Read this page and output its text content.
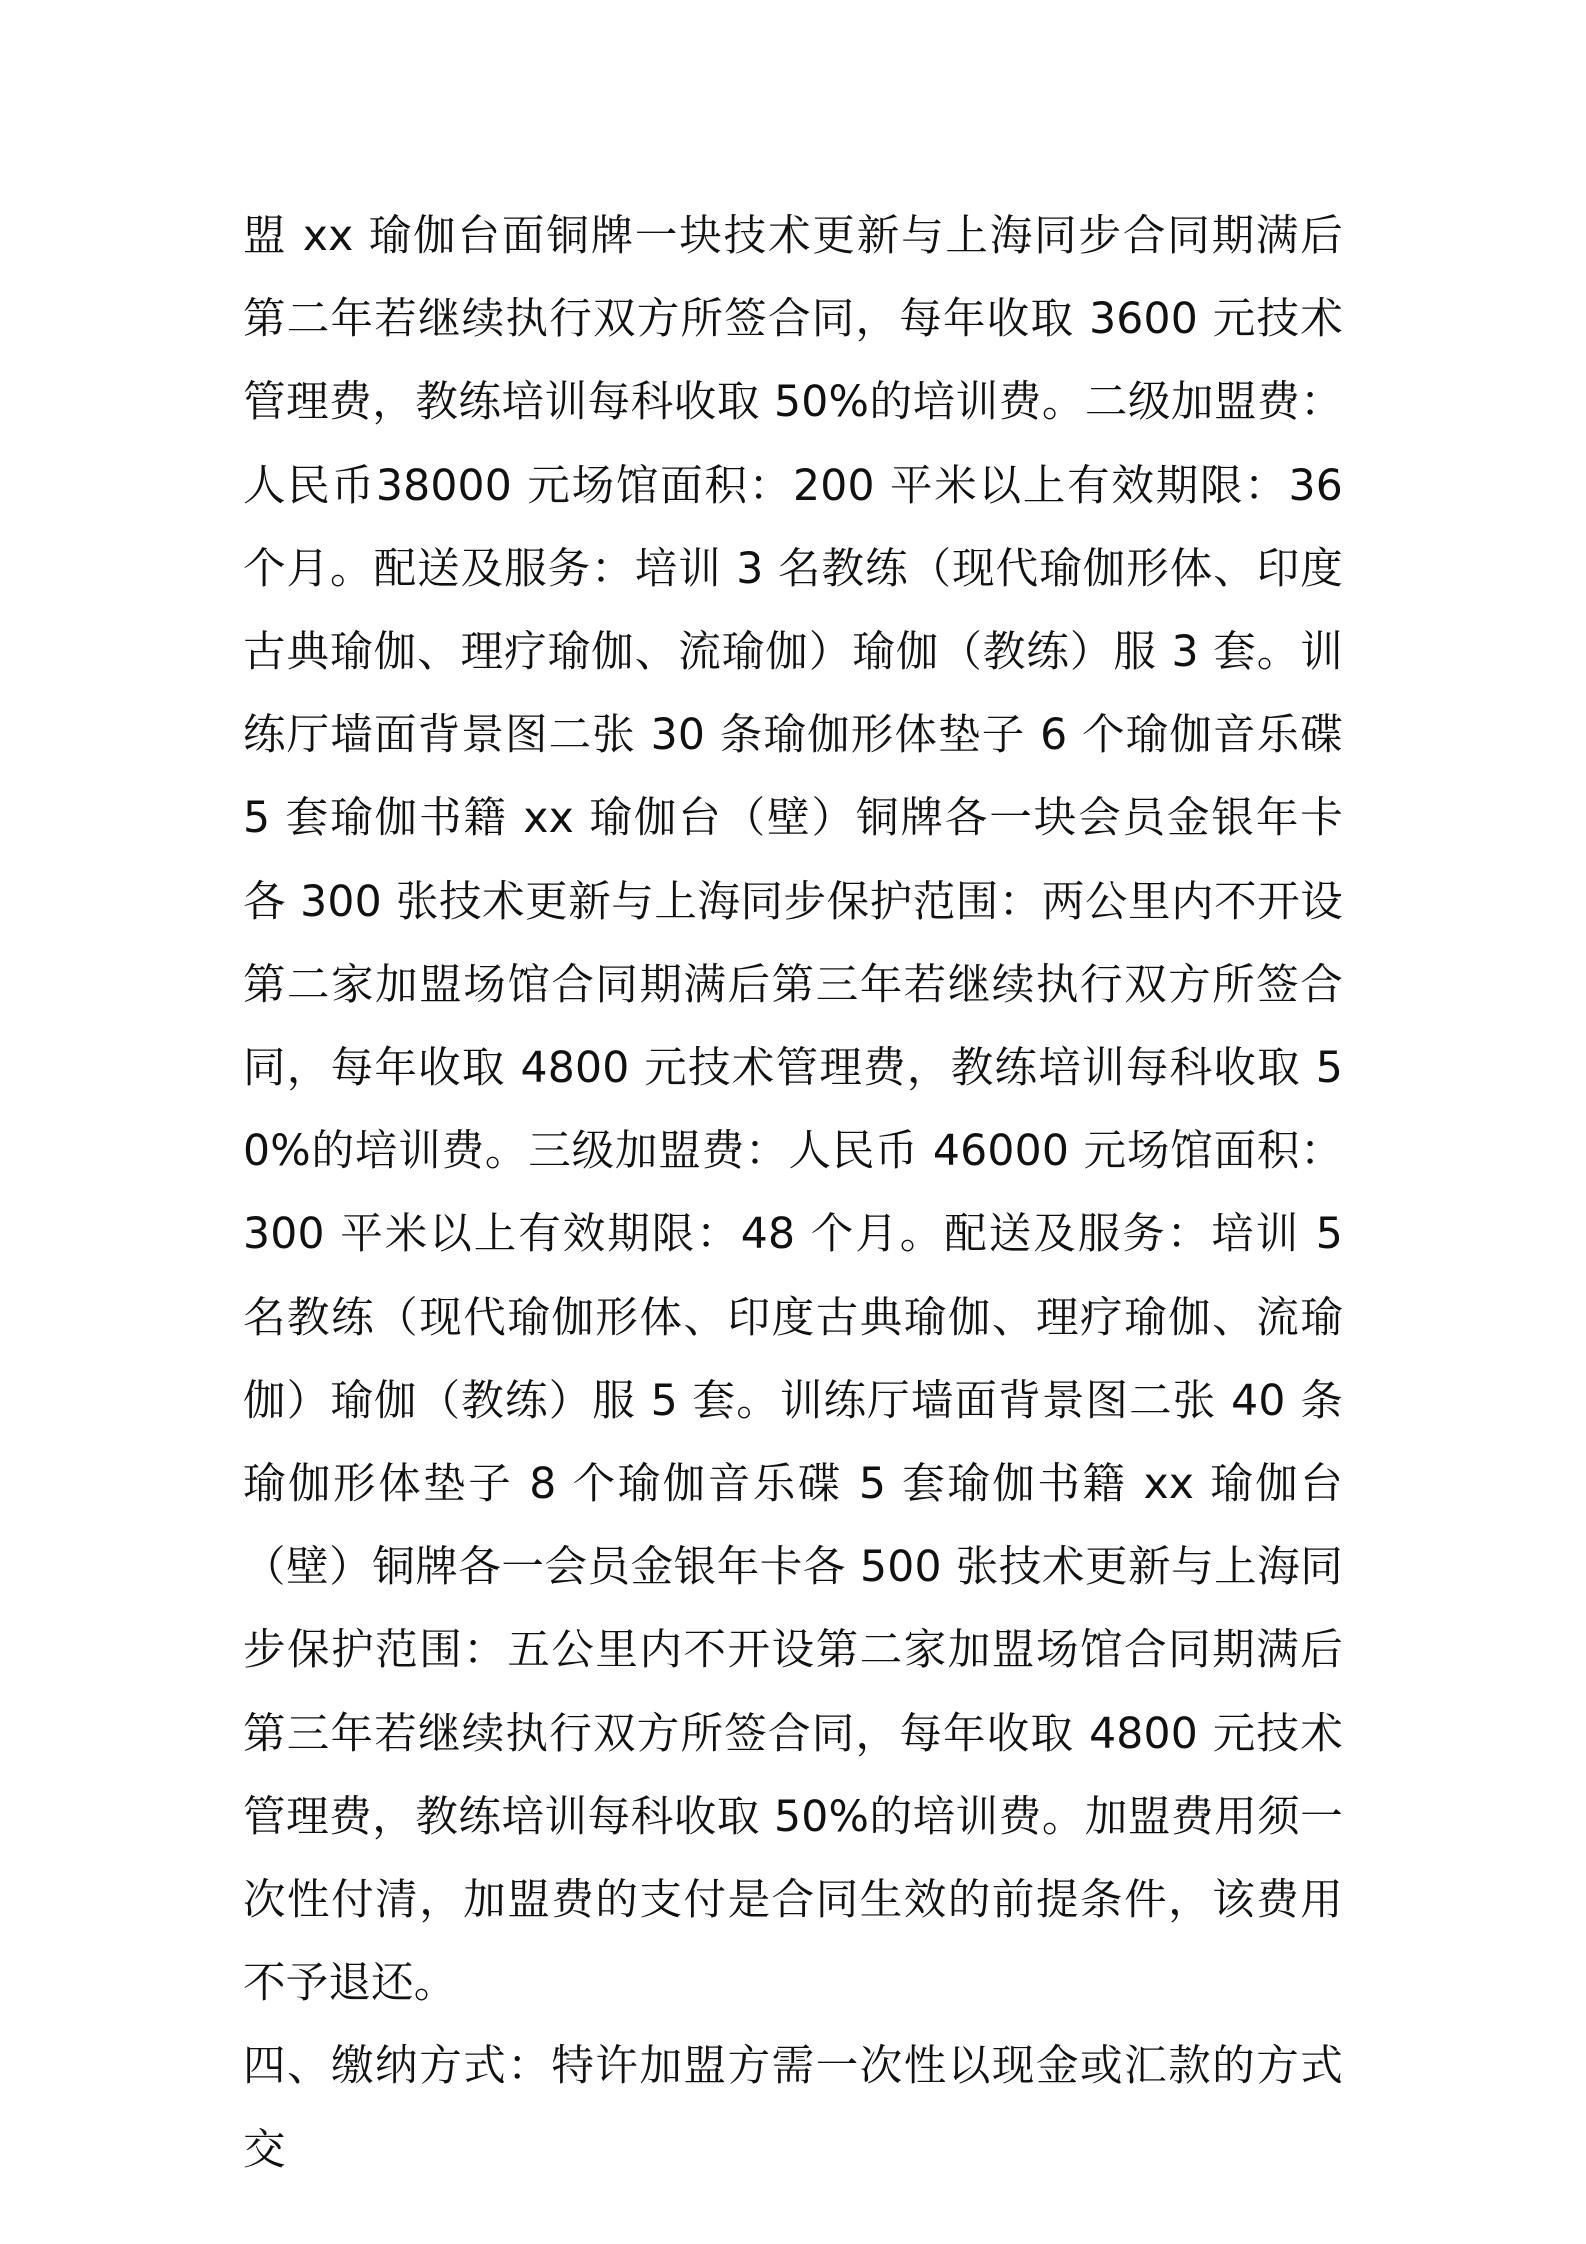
盟 xx 瑜伽台面铜牌一块技术更新与上海同步合同期满后第二年若继续执行双方所签合同，每年收取 3600 元技术管理费，教练培训每科收取 50%的培训费。二级加盟费：人民币38000 元场馆面积：200 平米以上有效期限：36 个月。配送及服务：培训 3 名教练（现代瑜伽形体、印度古典瑜伽、理疗瑜伽、流瑜伽）瑜伽（教练）服 3 套。训练厅墙面背景图二张 30 条瑜伽形体垫子 6 个瑜伽音乐碟 5 套瑜伽书籍 xx 瑜伽台（壁）铜牌各一块会员金银年卡各 300 张技术更新与上海同步保护范围：两公里内不开设第二家加盟场馆合同期满后第三年若继续执行双方所签合同，每年收取 4800 元技术管理费，教练培训每科收取 50%的培训费。三级加盟费：人民币 46000 元场馆面积：300 平米以上有效期限：48 个月。配送及服务：培训 5 名教练（现代瑜伽形体、印度古典瑜伽、理疗瑜伽、流瑜伽）瑜伽（教练）服 5 套。训练厅墙面背景图二张 40 条瑜伽形体垫子 8 个瑜伽音乐碟 5 套瑜伽书籍 xx 瑜伽台（壁）铜牌各一会员金银年卡各 500 张技术更新与上海同步保护范围：五公里内不开设第二家加盟场馆合同期满后第三年若继续执行双方所签合同，每年收取 4800 元技术管理费，教练培训每科收取 50%的培训费。加盟费用须一次性付清，加盟费的支付是合同生效的前提条件，该费用不予退还。

四、缴纳方式：特许加盟方需一次性以现金或汇款的方式交
